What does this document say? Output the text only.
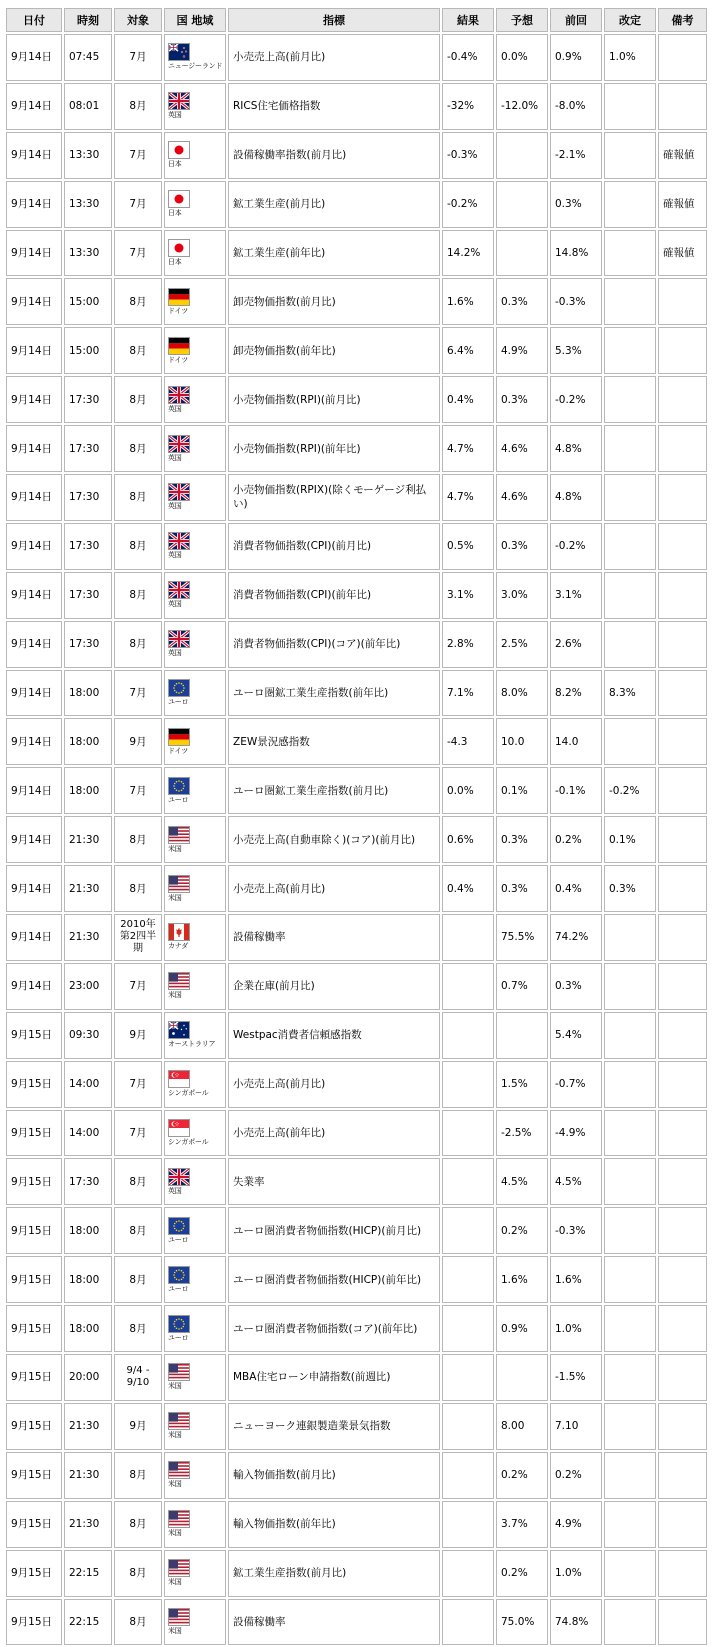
日付	時刻	対象	国 地域	指標	結果	予想	前回	改定	備考
9月14日	07:45	7月	ニュージーランド	小売売上高(前月比)	-0.4%	0.0%	0.9%	1.0%	
9月14日	08:01	8月	英国	RICS住宅価格指数	-32%	-12.0%	-8.0%		
9月14日	13:30	7月	日本	設備稼働率指数(前月比)	-0.3%		-2.1%		確報値
9月14日	13:30	7月	日本	鉱工業生産(前月比)	-0.2%		0.3%		確報値
9月14日	13:30	7月	日本	鉱工業生産(前年比)	14.2%		14.8%		確報値
9月14日	15:00	8月	ドイツ	卸売物価指数(前月比)	1.6%	0.3%	-0.3%		
9月14日	15:00	8月	ドイツ	卸売物価指数(前年比)	6.4%	4.9%	5.3%		
9月14日	17:30	8月	英国	小売物価指数(RPI)(前月比)	0.4%	0.3%	-0.2%		
9月14日	17:30	8月	英国	小売物価指数(RPI)(前年比)	4.7%	4.6%	4.8%		
9月14日	17:30	8月	英国	小売物価指数(RPIX)(除くモーゲージ利払い)	4.7%	4.6%	4.8%		
9月14日	17:30	8月	英国	消費者物価指数(CPI)(前月比)	0.5%	0.3%	-0.2%		
9月14日	17:30	8月	英国	消費者物価指数(CPI)(前年比)	3.1%	3.0%	3.1%		
9月14日	17:30	8月	英国	消費者物価指数(CPI)(コア)(前年比)	2.8%	2.5%	2.6%		
9月14日	18:00	7月	ユーロ	ユーロ圏鉱工業生産指数(前年比)	7.1%	8.0%	8.2%	8.3%	
9月14日	18:00	9月	ドイツ	ZEW景況感指数	-4.3	10.0	14.0		
9月14日	18:00	7月	ユーロ	ユーロ圏鉱工業生産指数(前月比)	0.0%	0.1%	-0.1%	-0.2%	
9月14日	21:30	8月	米国	小売売上高(自動車除く)(コア)(前月比)	0.6%	0.3%	0.2%	0.1%	
9月14日	21:30	8月	米国	小売売上高(前月比)	0.4%	0.3%	0.4%	0.3%	
9月14日	21:30	2010年第2四半期	カナダ	設備稼働率		75.5%	74.2%		
9月14日	23:00	7月	米国	企業在庫(前月比)		0.7%	0.3%		
9月15日	09:30	9月	オーストラリア	Westpac消費者信頼感指数			5.4%		
9月15日	14:00	7月	シンガポール	小売売上高(前月比)		1.5%	-0.7%		
9月15日	14:00	7月	シンガポール	小売売上高(前年比)		-2.5%	-4.9%		
9月15日	17:30	8月	英国	失業率		4.5%	4.5%		
9月15日	18:00	8月	ユーロ	ユーロ圏消費者物価指数(HICP)(前月比)		0.2%	-0.3%		
9月15日	18:00	8月	ユーロ	ユーロ圏消費者物価指数(HICP)(前年比)		1.6%	1.6%		
9月15日	18:00	8月	ユーロ	ユーロ圏消費者物価指数(コア)(前年比)		0.9%	1.0%		
9月15日	20:00	9/4 - 9/10	米国	MBA住宅ローン申請指数(前週比)			-1.5%		
9月15日	21:30	9月	米国	ニューヨーク連銀製造業景気指数		8.00	7.10		
9月15日	21:30	8月	米国	輸入物価指数(前月比)		0.2%	0.2%		
9月15日	21:30	8月	米国	輸入物価指数(前年比)		3.7%	4.9%		
9月15日	22:15	8月	米国	鉱工業生産指数(前月比)		0.2%	1.0%		
9月15日	22:15	8月	米国	設備稼働率		75.0%	74.8%		
